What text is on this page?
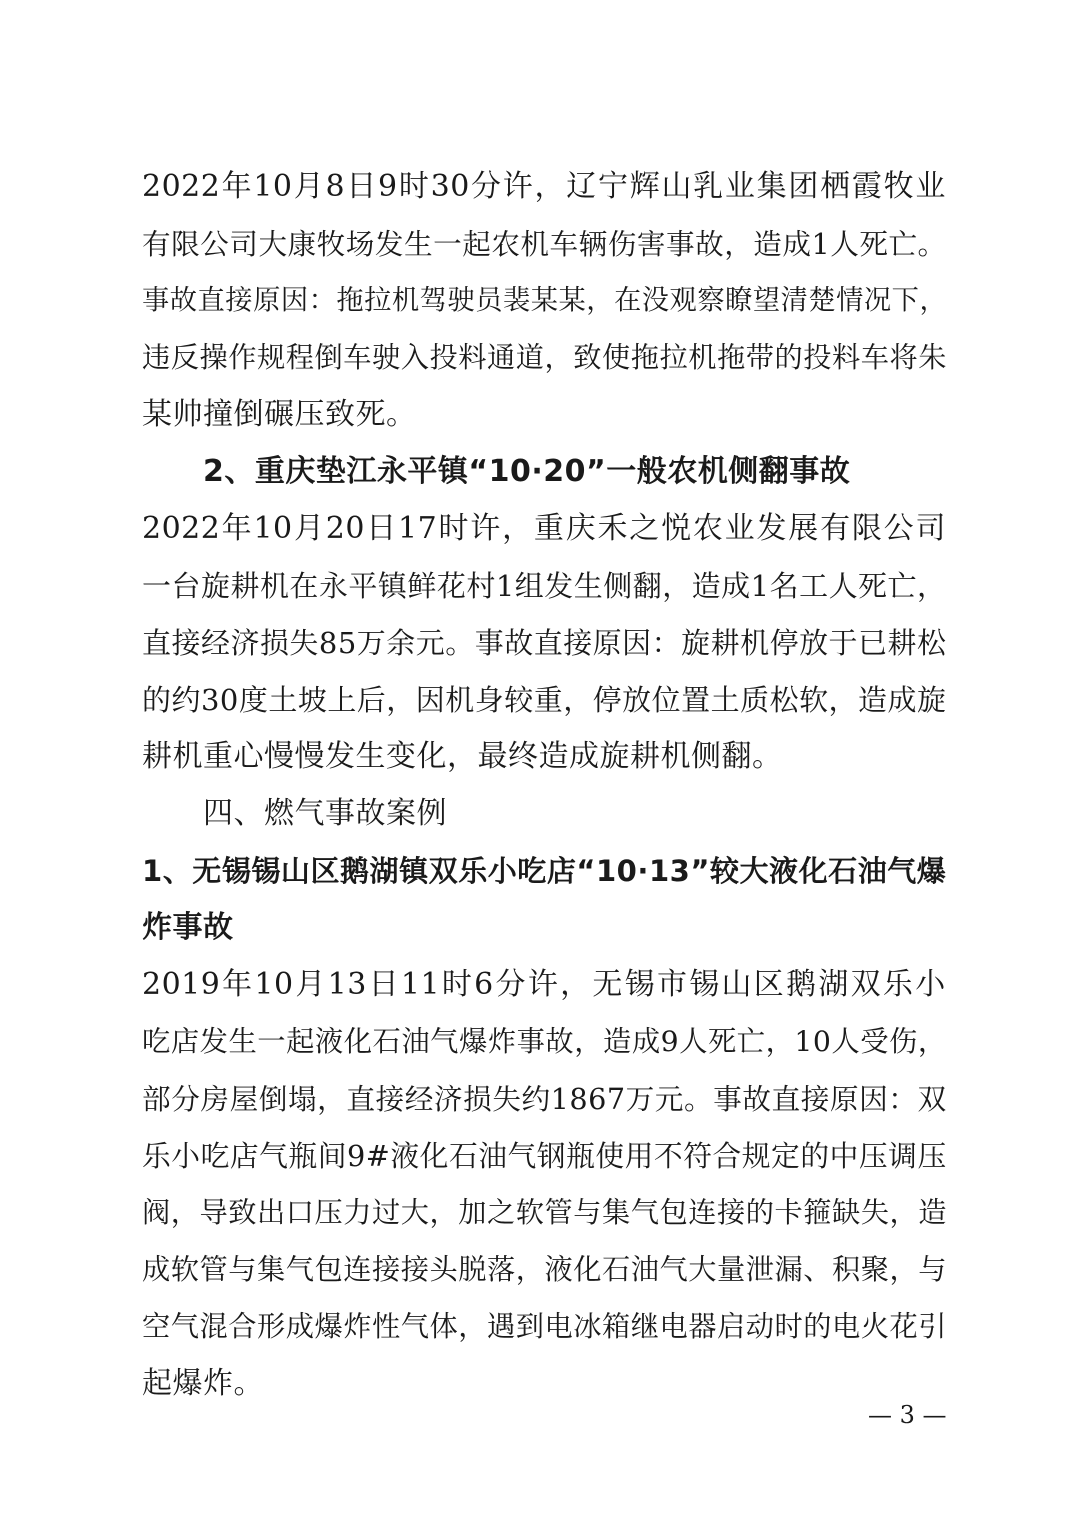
2022 年 10 月 8 日 9 时 30 分 许 ， 辽 宁 辉 山 乳 业 集 团 栖 霞 牧 业
有 限 公 司 大 康 牧 场 发 生 一 起 农 机 车 辆 伤 害 事 故 ， 造 成 1 人 死 亡 。
事 故 直 接 原 因 ： 拖 拉 机 驾 驶 员 裴 某 某 ， 在 没 观 察 瞭 望 清 楚 情 况 下 ，
违 反 操 作 规 程 倒 车 驶 入 投 料 通 道 ， 致 使 拖 拉 机 拖 带 的 投 料 车 将 朱
某帅撞倒碾压致死。
　　2、重庆垫江永平镇“10·20”一般农机侧翻事故
2022 年 10 月 20 日 17 时 许 ， 重 庆 禾 之 悦 农 业 发 展 有 限 公 司
一 台 旋 耕 机 在 永 平 镇 鲜 花 村 1 组 发 生 侧 翻 ， 造 成 1 名 工 人 死 亡 ，
直 接 经 济 损 失 85 万 余 元 。 事 故 直 接 原 因 ： 旋 耕 机 停 放 于 已 耕 松
的 约 30 度 土 坡 上 后 ， 因 机 身 较 重 ， 停 放 位 置 土 质 松 软 ， 造 成 旋
耕机重心慢慢发生变化，最终造成旋耕机侧翻。
　　四、燃气事故案例
1 、 无 锡 锡 山 区 鹅 湖 镇 双 乐 小 吃 店 “ 10 · 13 ” 较 大 液 化 石 油 气 爆
炸事故
2019 年 10 月 13 日 11 时 6 分 许 ， 无 锡 市 锡 山 区 鹅 湖 双 乐 小
吃 店 发 生 一 起 液 化 石 油 气 爆 炸 事 故 ， 造 成 9 人 死 亡 ， 10 人 受 伤 ，
部 分 房 屋 倒 塌 ， 直 接 经 济 损 失 约 1867 万 元 。 事 故 直 接 原 因 ： 双
乐 小 吃 店 气 瓶 间 9# 液 化 石 油 气 钢 瓶 使 用 不 符 合 规 定 的 中 压 调 压
阀 ， 导 致 出 口 压 力 过 大 ， 加 之 软 管 与 集 气 包 连 接 的 卡 箍 缺 失 ， 造
成 软 管 与 集 气 包 连 接 接 头 脱 落 ， 液 化 石 油 气 大 量 泄 漏 、 积 聚 ， 与
空 气 混 合 形 成 爆 炸 性 气 体 ， 遇 到 电 冰 箱 继 电 器 启 动 时 的 电 火 花 引
起爆炸。
— 3 —
